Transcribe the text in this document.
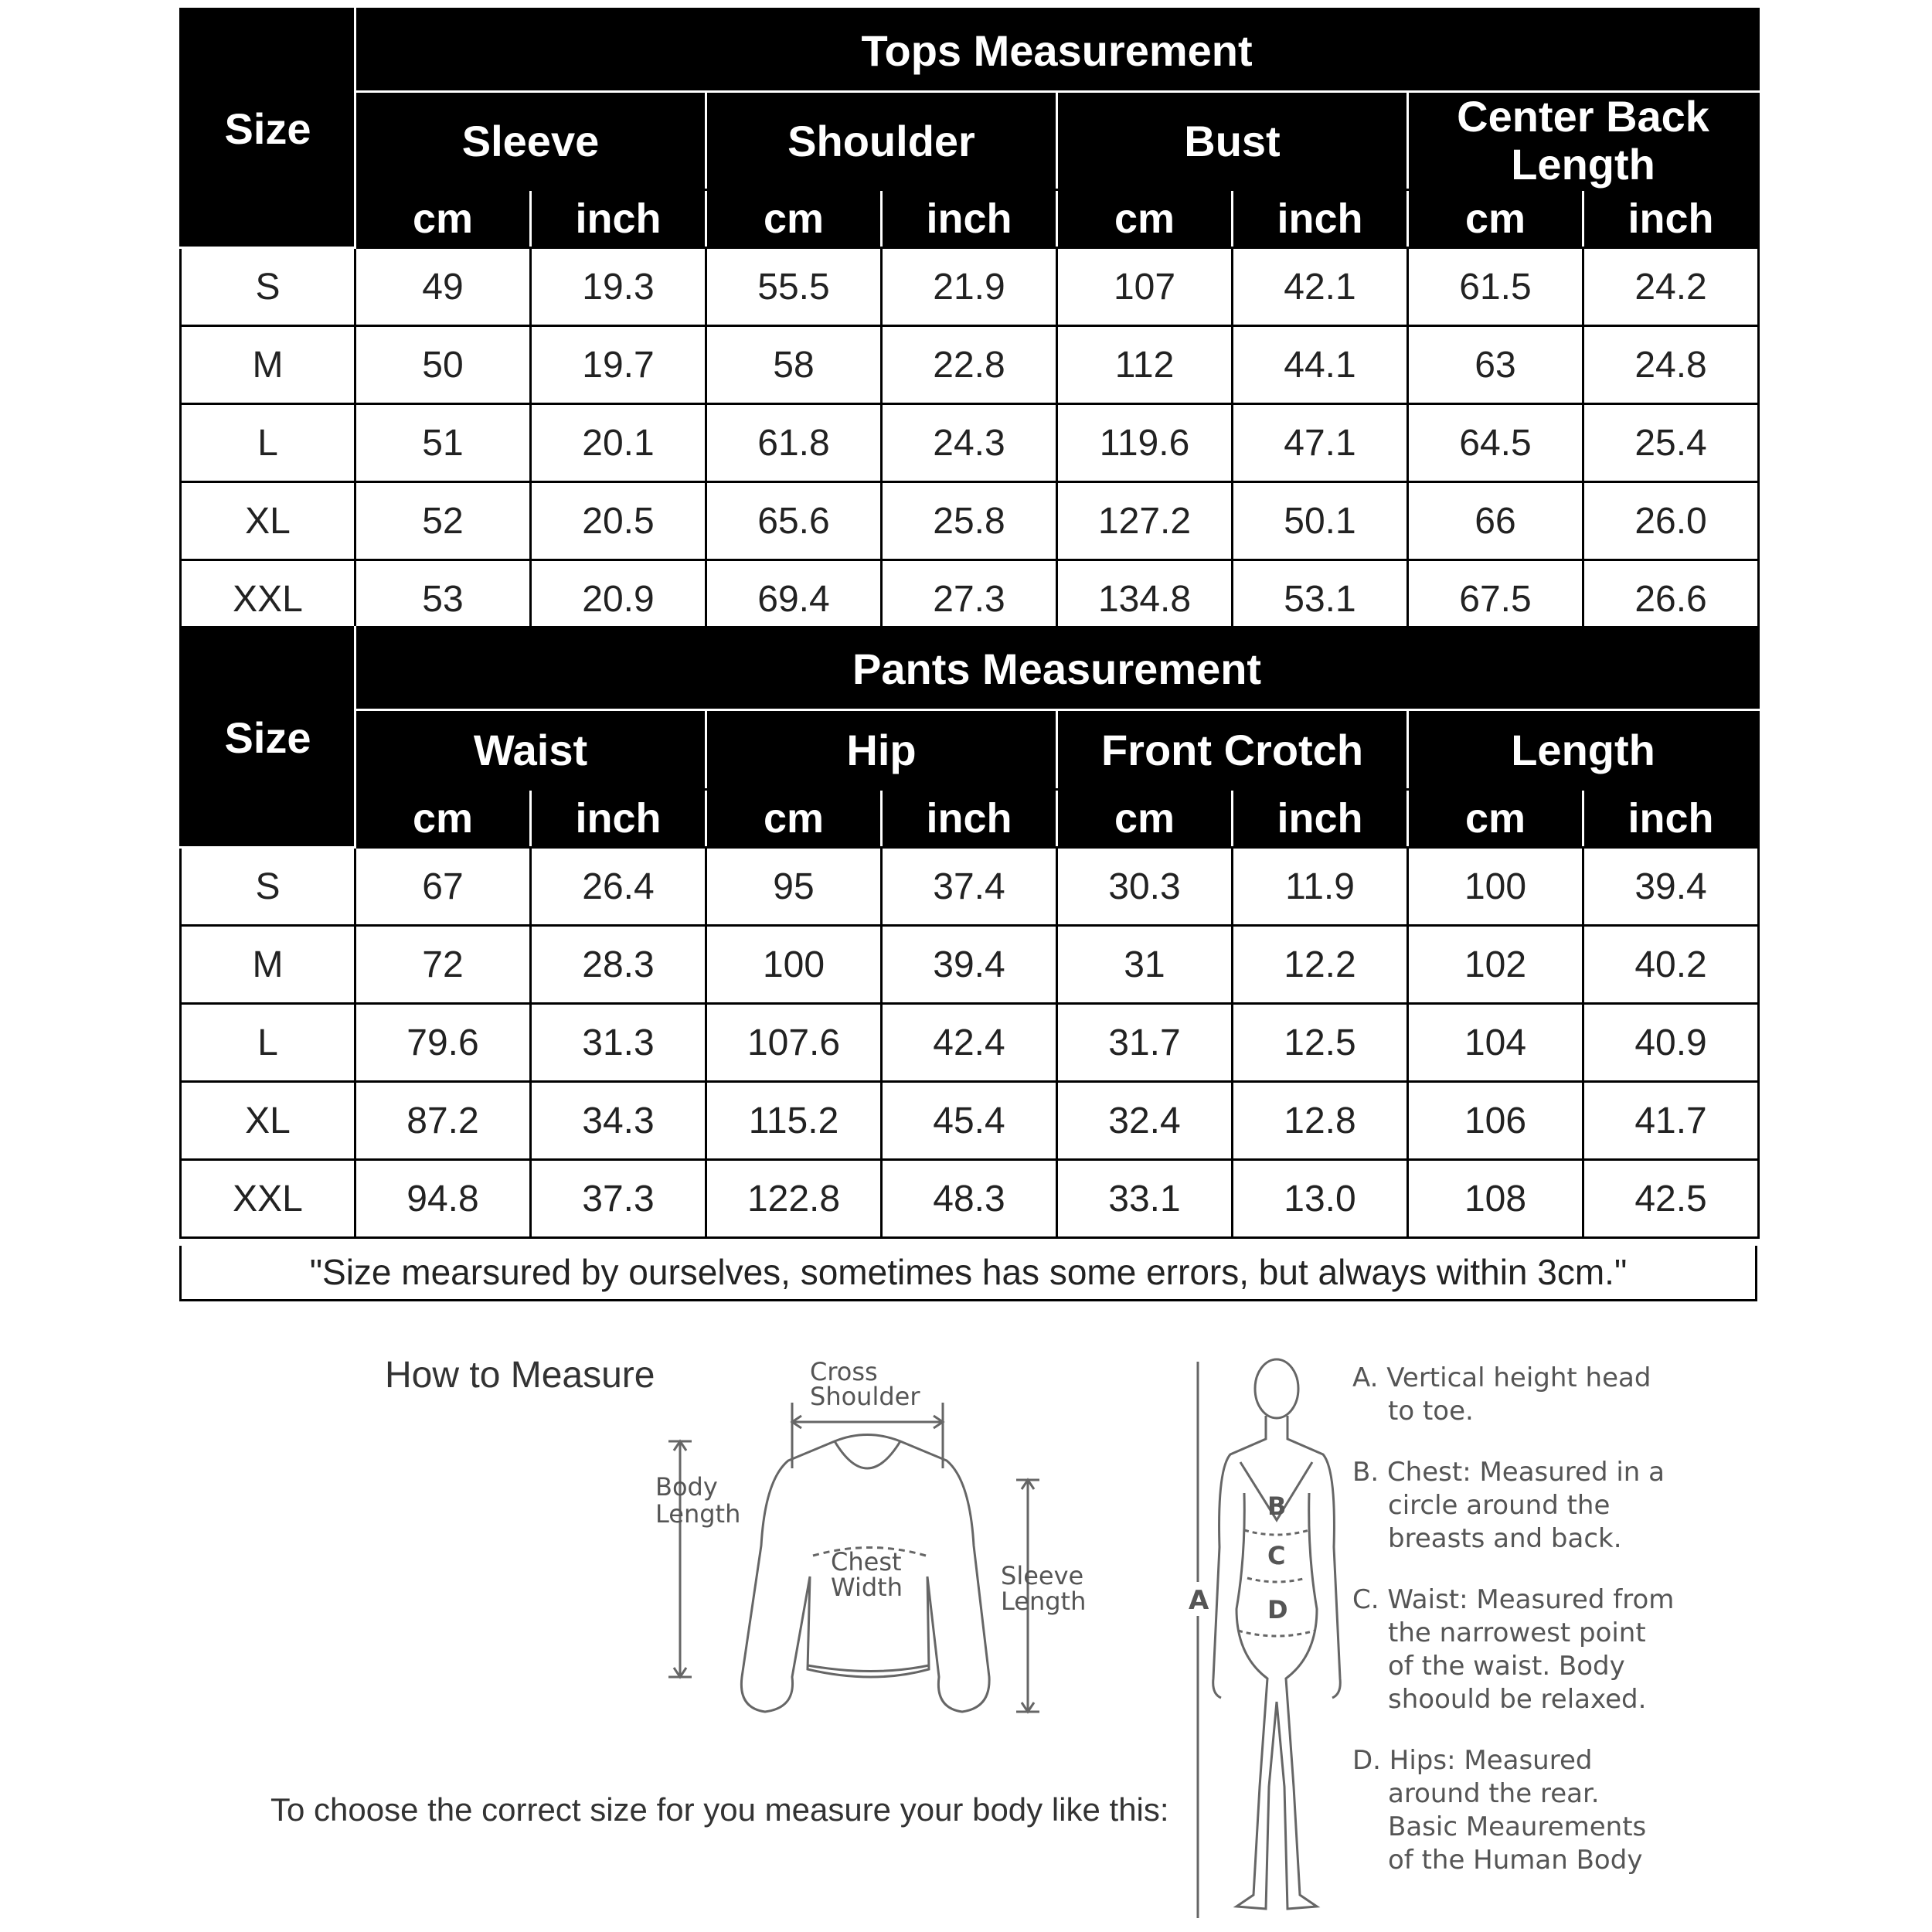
Size	Tops Measurement							
	Sleeve		Shoulder		Bust		Center Back Length	
	cm	inch	cm	inch	cm	inch	cm	inch
S	49	19.3	55.5	21.9	107	42.1	61.5	24.2
M	50	19.7	58	22.8	112	44.1	63	24.8
L	51	20.1	61.8	24.3	119.6	47.1	64.5	25.4
XL	52	20.5	65.6	25.8	127.2	50.1	66	26.0
XXL	53	20.9	69.4	27.3	134.8	53.1	67.5	26.6
Size	Pants Measurement							
	Waist		Hip		Front Crotch		Length	
	cm	inch	cm	inch	cm	inch	cm	inch
S	67	26.4	95	37.4	30.3	11.9	100	39.4
M	72	28.3	100	39.4	31	12.2	102	40.2
L	79.6	31.3	107.6	42.4	31.7	12.5	104	40.9
XL	87.2	34.3	115.2	45.4	32.4	12.8	106	41.7
XXL	94.8	37.3	122.8	48.3	33.1	13.0	108	42.5
"Size mearsured by ourselves, sometimes has some errors, but always within 3cm."
How to Measure
To choose the correct size for you measure your body like this:
Cross
Shoulder
Body
Length
Chest
Width	Sleeve
Length	A
B
C
D
A. Vertical height head to toe.
B. Chest: Measured in a circle around the breasts and back.
C. Waist: Measured from the narrowest point of the waist. Body shoould be relaxed.
D. Hips: Measured around the rear. Basic Meaurements of the Human Body
